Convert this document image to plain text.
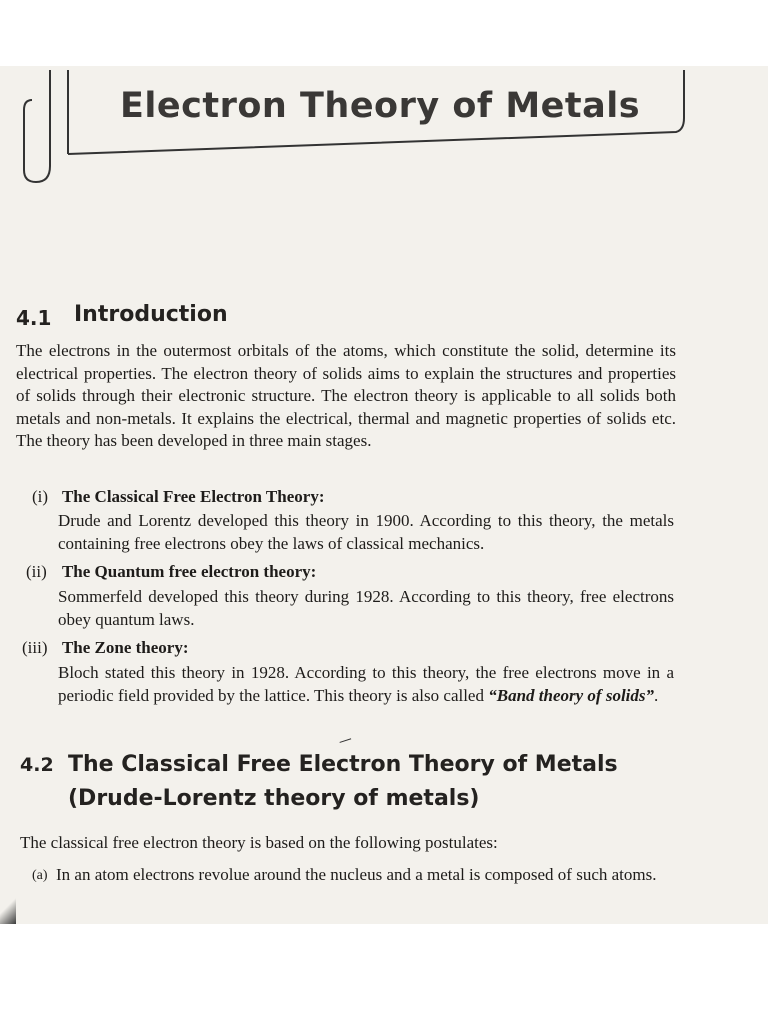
Electron Theory of Metals
4.1 Introduction

The electrons in the outermost orbitals of the atoms, which constitute the solid, determine its electrical properties. The electron theory of solids aims to explain the structures and properties of solids through their electronic structure. The electron theory is applicable to all solids both metals and non-metals. It explains the electrical, thermal and magnetic properties of solids etc. The theory has been developed in three main stages.

(i) The Classical Free Electron Theory:

Drude and Lorentz developed this theory in 1900. According to this theory, the metals containing free electrons obey the laws of classical mechanics.

(ii) The Quantum free electron theory:

Sommerfeld developed this theory during 1928. According to this theory, free electrons obey quantum laws.

(iii) The Zone theory:

Bloch stated this theory in 1928. According to this theory, the free electrons move in a periodic field provided by the lattice. This theory is also called “Band theory of solids”.

4.2 The Classical Free Electron Theory of Metals
(Drude-Lorentz theory of metals)

The classical free electron theory is based on the following postulates:

(a) In an atom electrons revolue around the nucleus and a metal is composed of such atoms.
